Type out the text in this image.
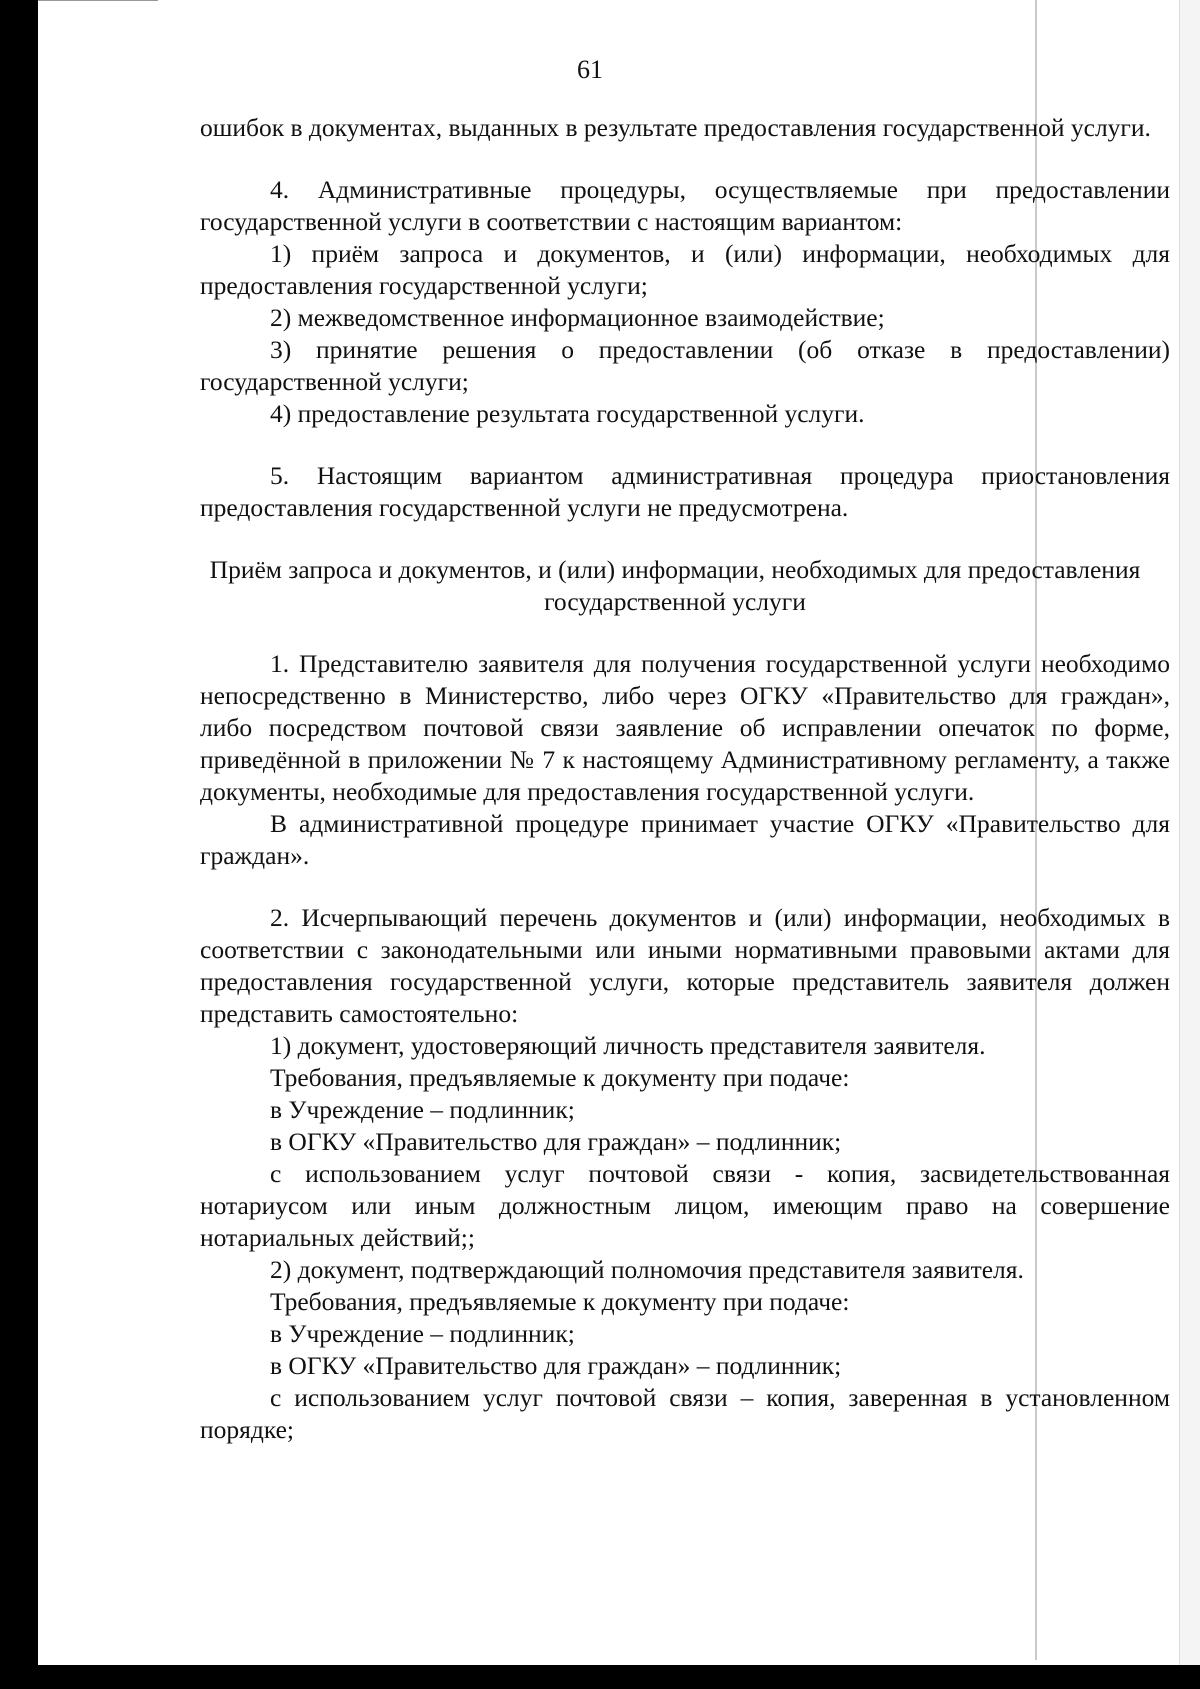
61

ошибок в документах, выданных в результате предоставления государственной услуги.

4. Административные процедуры, осуществляемые при предоставлении государственной услуги в соответствии с настоящим вариантом:

1) приём запроса и документов, и (или) информации, необходимых для предоставления государственной услуги;

2) межведомственное информационное взаимодействие;

3) принятие решения о предоставлении (об отказе в предоставлении) государственной услуги;

4) предоставление результата государственной услуги.

5. Настоящим вариантом административная процедура приостановления предоставления государственной услуги не предусмотрена.

Приём запроса и документов, и (или) информации, необходимых для предоставления государственной услуги

1. Представителю заявителя для получения государственной услуги необходимо непосредственно в Министерство, либо через ОГКУ «Правительство для граждан», либо посредством почтовой связи заявление об исправлении опечаток по форме, приведённой в приложении № 7 к настоящему Административному регламенту, а также документы, необходимые для предоставления государственной услуги.

В административной процедуре принимает участие ОГКУ «Правительство для граждан».

2. Исчерпывающий перечень документов и (или) информации, необходимых в соответствии с законодательными или иными нормативными правовыми актами для предоставления государственной услуги, которые представитель заявителя должен представить самостоятельно:

1) документ, удостоверяющий личность представителя заявителя.

Требования, предъявляемые к документу при подаче:

в Учреждение – подлинник;

в ОГКУ «Правительство для граждан» – подлинник;

с использованием услуг почтовой связи - копия, засвидетельствованная нотариусом или иным должностным лицом, имеющим право на совершение нотариальных действий;;

2) документ, подтверждающий полномочия представителя заявителя.

Требования, предъявляемые к документу при подаче:

в Учреждение – подлинник;

в ОГКУ «Правительство для граждан» – подлинник;

с использованием услуг почтовой связи – копия, заверенная в установленном порядке;
